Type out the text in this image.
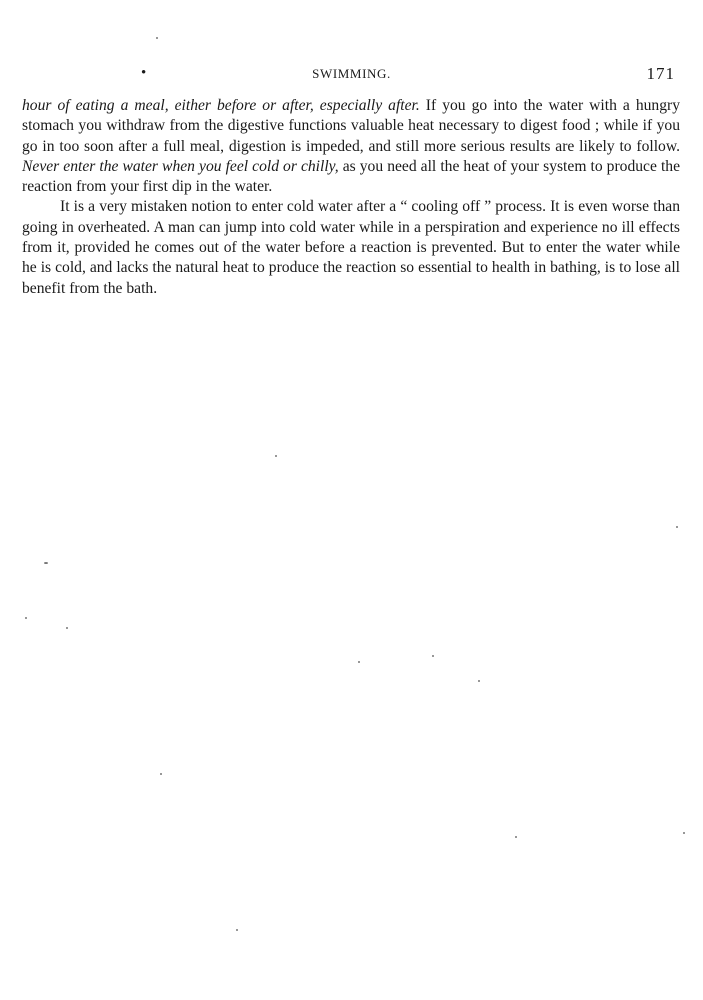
•	SWIMMING.	171

hour of eating a meal, either before or after, especially after. If you go into the water with a hungry stomach you withdraw from the digestive functions valuable heat necessary to digest food ; while if you go in too soon after a full meal, digestion is impeded, and still more serious results are likely to follow. Never enter the water when you feel cold or chilly, as you need all the heat of your system to produce the reaction from your first dip in the water.

It is a very mistaken notion to enter cold water after a “ cooling off ” process. It is even worse than going in overheated. A man can jump into cold water while in a perspiration and experience no ill effects from it, provided he comes out of the water before a reaction is prevented. But to enter the water while he is cold, and lacks the natural heat to produce the reaction so essential to health in bathing, is to lose all benefit from the bath.
